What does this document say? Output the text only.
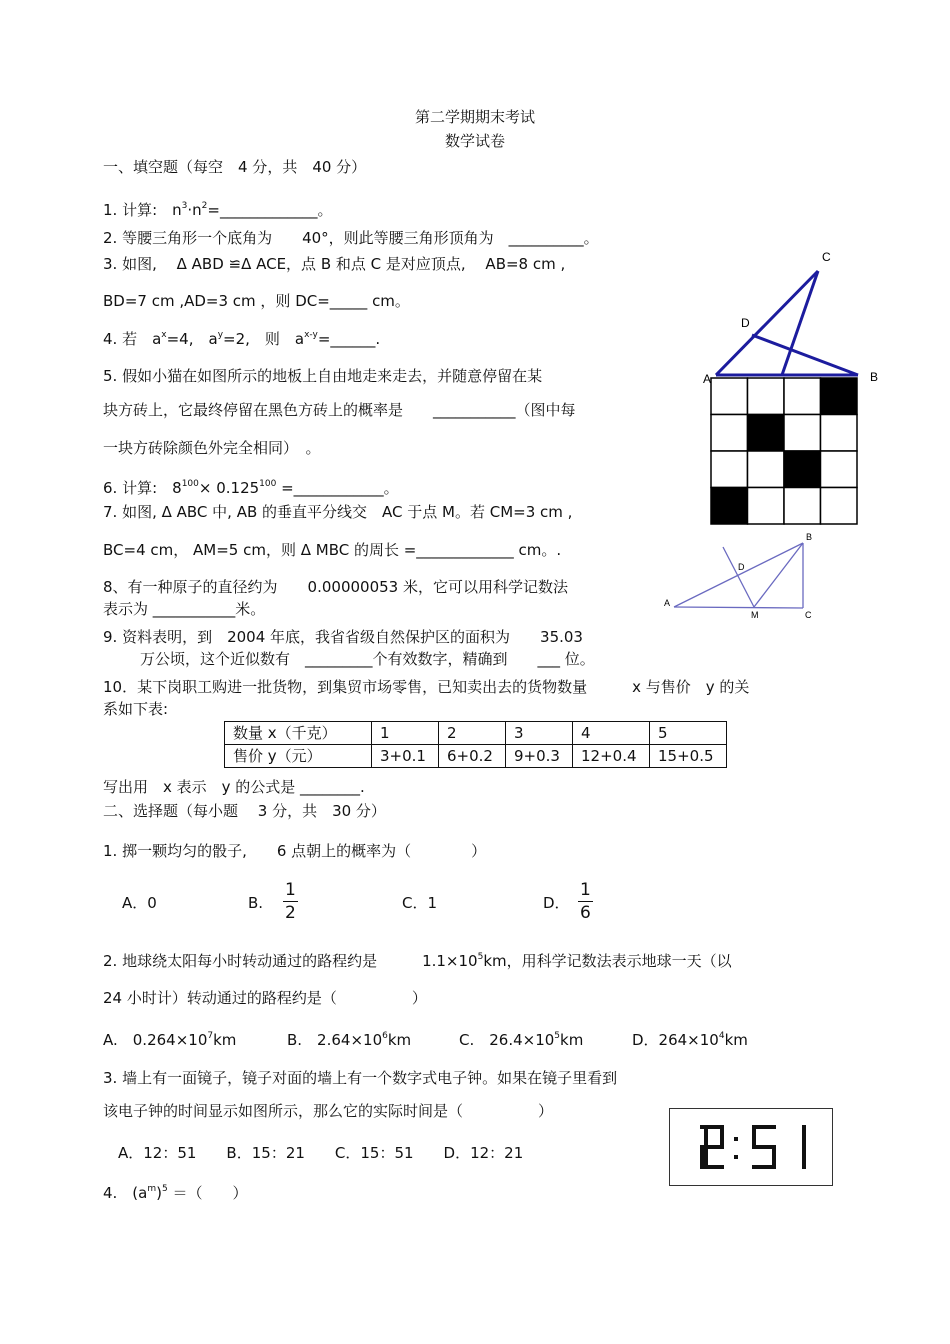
第二学期期末考试
数学试卷
一、填空题（每空　4 分，共　40 分）
1. 计算:　$n^3\cdot n^2=\_\_\_\_\_\_\_\_\_\_\_\_\_$。
2. 等腰三角形一个底角为　　40°，则此等腰三角形顶角为　__________。
3. 如图,　 Δ ABD ≌Δ ACE，点 B 和点 C 是对应顶点,　 AB=8 cm ,
BD=7 cm ,AD=3 cm ，则 DC=_____ cm。
4. 若　$a^x=4$,　$a^y=2$,　则　$a^{x-y}=\_\_\_\_\_\_$.
5. 假如小猫在如图所示的地板上自由地走来走去，并随意停留在某
块方砖上，它最终停留在黑色方砖上的概率是　　___________（图中每
一块方砖除颜色外完全相同）　。
6. 计算:　$8^{100}\times 0.125^{100}$ =____________。
7. 如图, Δ ABC 中, AB 的垂直平分线交　AC 于点 M。若 CM=3 cm ,
BC=4 cm， AM=5 cm，则 Δ MBC 的周长 =_____________ cm。.
8、有一种原子的直径约为　　0.00000053 米，它可以用科学记数法
表示为 ___________米。
9. 资料表明，到　2004 年底，我省省级自然保护区的面积为　　35.03
万公顷，这个近似数有　_________个有效数字，精确到　　___ 位。
10．某下岗职工购进一批货物，到集贸市场零售，已知卖出去的货物数量　　　x 与售价　y 的关
系如下表:
数量 x（千克）	1	2	3	4	5
售价 y（元）	3+0.1	6+0.2	9+0.3	12+0.4	15+0.5
写出用　x 表示　y 的公式是 ________.
二、选择题（每小题　 3 分，共　30 分）
1. 掷一颗均匀的骰子,　　6 点朝上的概率为（　　　　）
A．0	B. $\frac{1}{2}$	C．1	D． $\frac{1}{6}$
2. 地球绕太阳每小时转动通过的路程约是　　　$1.1\times 10^5km$，用科学记数法表示地球一天（以
24 小时计）转动通过的路程约是（　　　　　）
A.　$0.264\times 10^7km$	B.　$2.64\times 10^6km$	C.　$26.4\times 10^5km$	D．$264\times 10^4km$
3. 墙上有一面镜子，镜子对面的墙上有一个数字式电子钟。如果在镜子里看到
该电子钟的时间显示如图所示，那么它的实际时间是（　　　　　）
A．12：51　　B．15：21　　C．15：51　　D．12：21
4.　$(a^m)^5$ ＝（　　）
C
D
A	B
B
D
A
M	C
